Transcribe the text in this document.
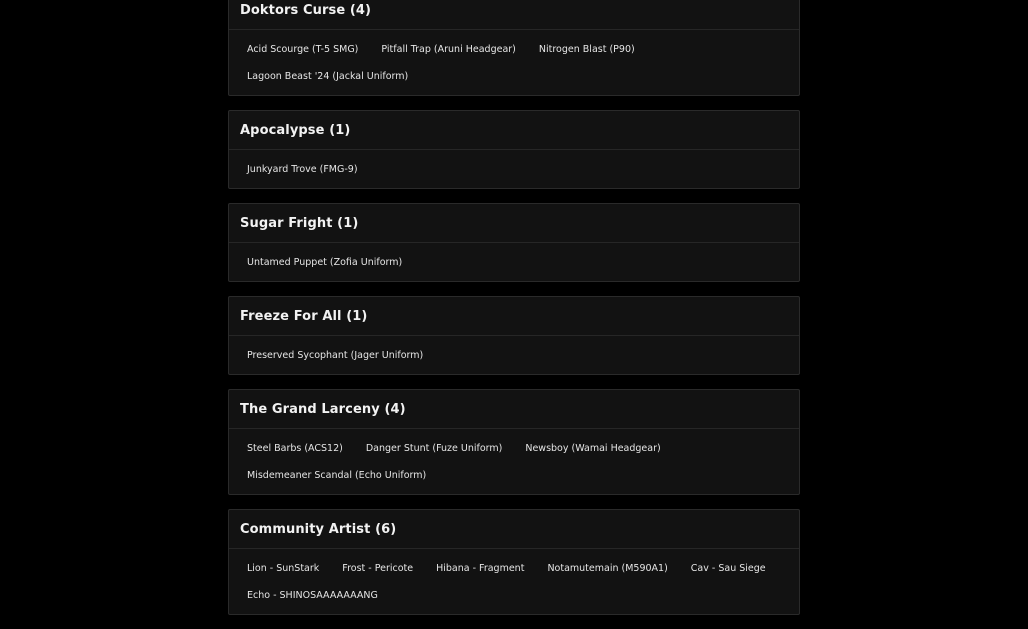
Doktors Curse (4)
Acid Scourge (T-5 SMG)	Pitfall Trap (Aruni Headgear)	Nitrogen Blast (P90)
Lagoon Beast '24 (Jackal Uniform)
Apocalypse (1)
Junkyard Trove (FMG-9)
Sugar Fright (1)
Untamed Puppet (Zofia Uniform)
Freeze For All (1)
Preserved Sycophant (Jager Uniform)
The Grand Larceny (4)
Steel Barbs (ACS12)	Danger Stunt (Fuze Uniform)	Newsboy (Wamai Headgear)
Misdemeaner Scandal (Echo Uniform)
Community Artist (6)
Lion - SunStark	Frost - Pericote	Hibana - Fragment	Notamutemain (M590A1)	Cav - Sau Siege
Echo - SHINOSAAAAAAANG
